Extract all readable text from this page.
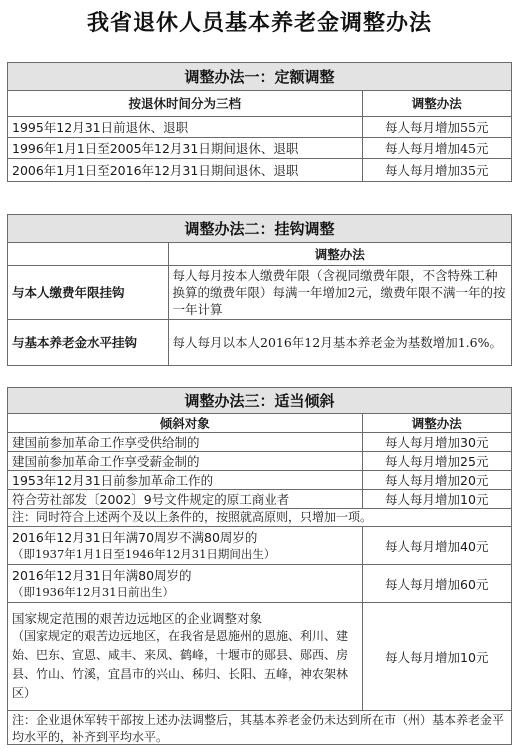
我省退休人员基本养老金调整办法
调整办法一：定额调整
按退休时间分为三档	调整办法
1995年12月31日前退休、退职	每人每月增加55元
1996年1月1日至2005年12月31日期间退休、退职	每人每月增加45元
2006年1月1日至2016年12月31日期间退休、退职	每人每月增加35元
调整办法二：挂钩调整
	调整办法
与本人缴费年限挂钩	每人每月按本人缴费年限（含视同缴费年限，不含特殊工种换算的缴费年限）每满一年增加2元，缴费年限不满一年的按一年计算
与基本养老金水平挂钩	每人每月以本人2016年12月基本养老金为基数增加1.6%。
调整办法三：适当倾斜
倾斜对象	调整办法
建国前参加革命工作享受供给制的	每人每月增加30元
建国前参加革命工作享受薪金制的	每人每月增加25元
1953年12月31日前参加革命工作的	每人每月增加20元
符合劳社部发〔2002〕9号文件规定的原工商业者	每人每月增加10元
注：同时符合上述两个及以上条件的，按照就高原则，只增加一项。	

2016年12月31日年满70周岁不满80周岁的
（即1937年1月1日至1946年12月31日期间出生）	每人每月增加40元

2016年12月31日年满80周岁的
（即1936年12月31日前出生）	每人每月增加60元

国家规定范围的艰苦边远地区的企业调整对象
（国家规定的艰苦边远地区，在我省是恩施州的恩施、利川、建始、巴东、宣恩、咸丰、来凤、鹤峰，十堰市的郧县、郧西、房县、竹山、竹溪，宜昌市的兴山、秭归、长阳、五峰，神农架林区）	每人每月增加10元
注：企业退休军转干部按上述办法调整后，其基本养老金仍未达到所在市（州）基本养老金平均水平的，补齐到平均水平。	
